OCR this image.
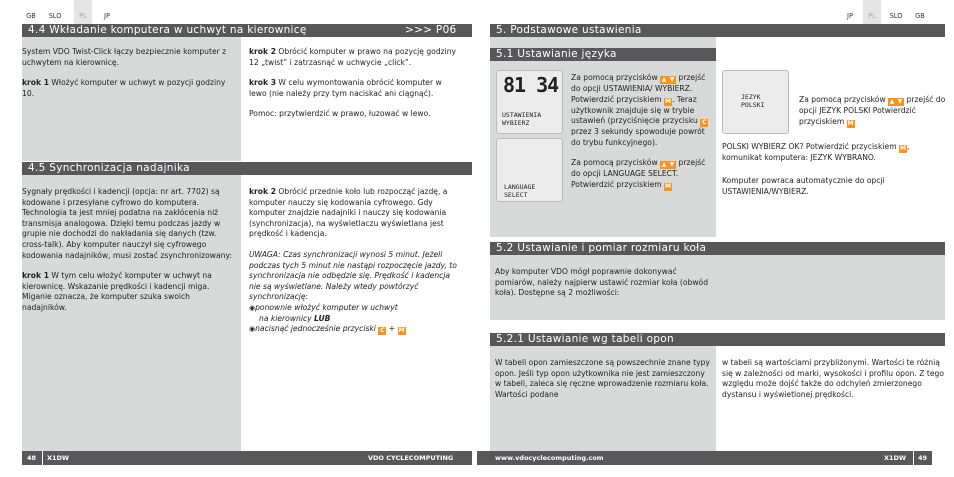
GB	SLO	PL	JP
4.4 Wkładanie komputera w uchwyt na kierownicę	>>> P06

System VDO Twist-Click łączy bezpiecznie komputer z uchwytem na kierownicę.

krok 1 Włożyć komputer w uchwyt w pozycji godziny 10.

krok 2 Obrócić komputer w prawo na pozycję godziny 12 „twist” i zatrzasnąć w uchwycie „click”.

krok 3 W celu wymontowania obrócić komputer w lewo (nie należy przy tym naciskać ani ciągnąć).

Pomoc: przytwierdzić w prawo, łuzować w lewo.

4.5 Synchronizacja nadajnika

Sygnały prędkości i kadencji (opcja: nr art. 7702) są kodowane i przesyłane cyfrowo do komputera. Technologia ta jest mniej podatna na zakłócenia niż transmisja analogowa. Dzięki temu podczas jazdy w grupie nie dochodzi do nakładania się danych (tzw. cross-talk). Aby komputer nauczył się cyfrowego kodowania nadajników, musi zostać zsynchronizowany:

krok 1 W tym celu włożyć komputer w uchwyt na kierownicę. Wskazanie prędkości i kadencji miga. Miganie oznacza, że komputer szuka swoich nadajników.

krok 2 Obrócić przednie koło lub rozpocząć jazdę, a komputer nauczy się kodowania cyfrowego. Gdy komputer znajdzie nadajniki i nauczy się kodowania (synchronizacja), na wyświetlaczu wyświetlana jest prędkość i kadencja.

UWAGA: Czas synchronizacji wynosi 5 minut. Jeżeli podczas tych 5 minut nie nastąpi rozpoczęcie jazdy, to synchronizacja nie odbędzie się. Prędkość i kadencja nie są wyświetlane. Należy wtedy powtórzyć synchronizację:

◉ ponownie włożyć komputer w uchwyt

na kierownicy LUB

◉ nacisnąć jednocześnie przyciski C + M

48 X1DW	VDO CYCLECOMPUTING
JP	PL	SLO	GB
5. Podstawowe ustawienia
5.1 Ustawianie języka
81 34
USTAWIENIA WYBIERZ
LANGUAGE SELECT

Za pomocą przycisków ▲ ▼ przejść do opcji USTAWIENIA/ WYBIERZ. Potwierdzić przyciskiem M. Teraz użytkownik znajduje się w trybie ustawień (przyciśnięcie przycisku C przez 3 sekundy spowoduje powrót do trybu funkcyjnego).

Za pomocą przycisków ▲ ▼ przejść do opcji LANGUAGE SELECT. Potwierdzić przyciskiem M

JEZYK POLSKI
Za pomocą przycisków ▲ ▼ przejść do opcji JEZYK POLSKI Potwierdzić przyciskiem M
POLSKI WYBIERZ OK? Potwierdzić przyciskiem M, komunikat komputera: JEZYK WYBRANO.
Komputer powraca automatycznie do opcji USTAWIENIA/WYBIERZ.
5.2 Ustawianie i pomiar rozmiaru koła
Aby komputer VDO mógł poprawnie dokonywać pomiarów, należy najpierw ustawić rozmiar koła (obwód koła). Dostępne są 2 możliwości:
5.2.1 Ustawianie wg tabeli opon
W tabeli opon zamieszczone są powszechnie znane typy opon. Jeśli typ opon użytkownika nie jest zamieszczony w tabeli, zaleca się ręczne wprowadzenie rozmiaru koła. Wartości podane
w tabeli są wartościami przybliżonymi. Wartości te różnią się w zależności od marki, wysokości i profilu opon. Z tego względu może dojść także do odchyleń zmierzonego dystansu i wyświetlonej prędkości.
www.vdocyclecomputing.com	X1DW 49
